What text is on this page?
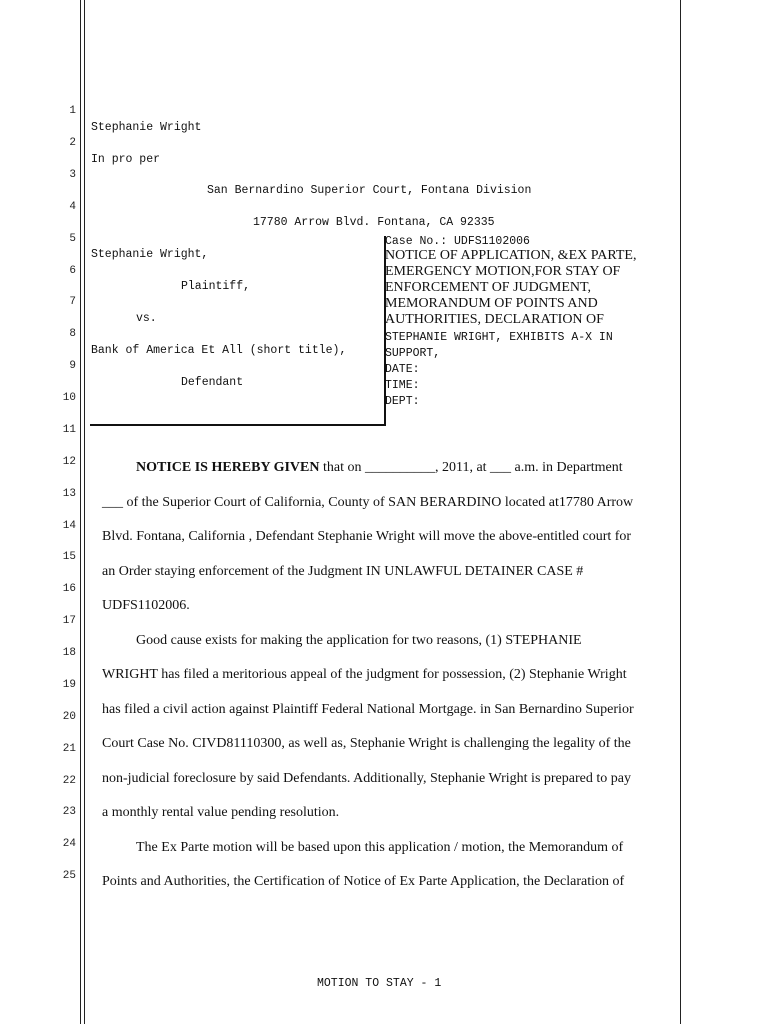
1
2
3
4
5
6
7
8
9
10
11
12
13
14
15
16
17
18
19
20
21
22
23
24
25
Stephanie Wright
In pro per
San Bernardino Superior Court, Fontana Division
17780 Arrow Blvd. Fontana, CA 92335
Stephanie Wright,
Plaintiff,
vs.
Bank of America Et All (short title),
Defendant
Case No.: UDFS1102006
NOTICE OF APPLICATION, &EX PARTE,
EMERGENCY MOTION,FOR STAY OF
ENFORCEMENT OF JUDGMENT,
MEMORANDUM OF POINTS AND
AUTHORITIES, DECLARATION OF
STEPHANIE WRIGHT, EXHIBITS A-X IN
SUPPORT,
DATE:
TIME:
DEPT:
NOTICE IS HEREBY GIVEN that on __________, 2011, at ___ a.m. in Department
___ of the Superior Court of California, County of SAN BERARDINO located at17780 Arrow
Blvd. Fontana, California , Defendant Stephanie Wright will move the above-entitled court for
an Order staying enforcement of the Judgment IN UNLAWFUL DETAINER CASE #
UDFS1102006.
Good cause exists for making the application for two reasons, (1) STEPHANIE
WRIGHT has filed a meritorious appeal of the judgment for possession, (2) Stephanie Wright
has filed a civil action against Plaintiff Federal National Mortgage. in San Bernardino Superior
Court Case No. CIVD81110300, as well as, Stephanie Wright is challenging the legality of the
non-judicial foreclosure by said Defendants. Additionally, Stephanie Wright is prepared to pay
a monthly rental value pending resolution.
The Ex Parte motion will be based upon this application / motion, the Memorandum of
Points and Authorities, the Certification of Notice of Ex Parte Application, the Declaration of
MOTION TO STAY - 1
